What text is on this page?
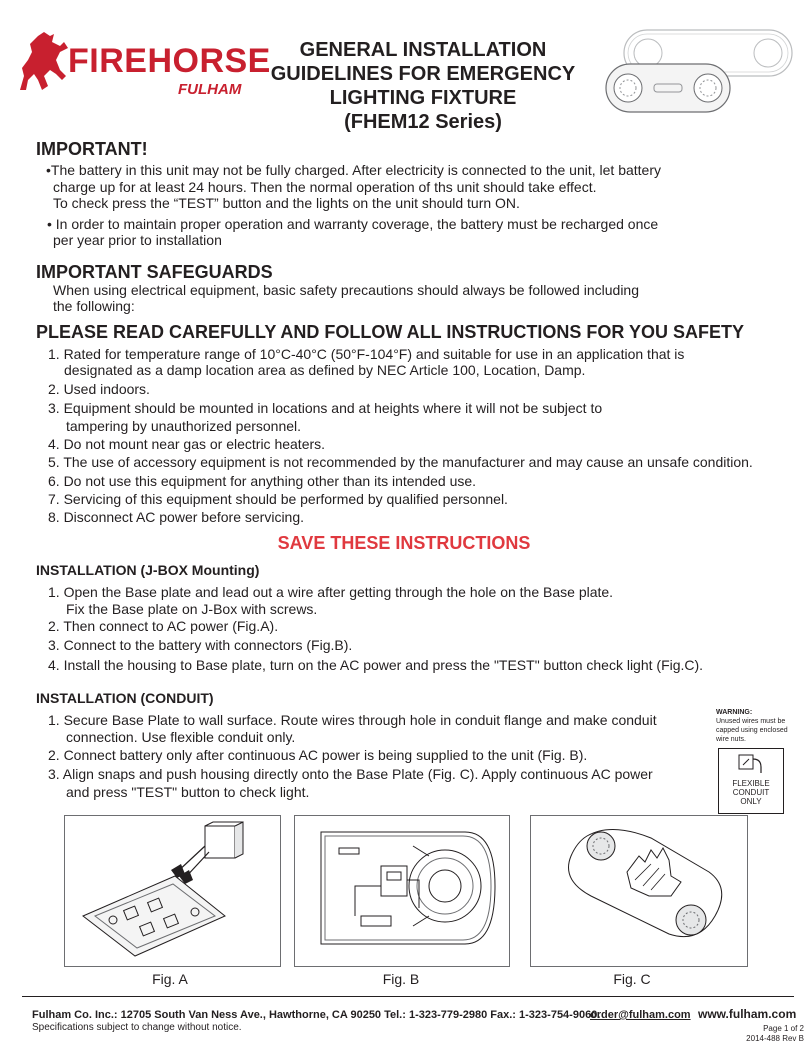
FIREHORSE
FULHAM
GENERAL INSTALLATION
GUIDELINES FOR EMERGENCY
LIGHTING FIXTURE
(FHEM12 Series)
IMPORTANT!
•The battery in this unit may not be fully charged. After electricity is connected to the unit, let battery
charge up for at least 24 hours. Then the normal operation of ths unit should take effect.
To check press the “TEST” button and the lights on the unit should turn ON.
• In order to maintain proper operation and warranty coverage, the battery must be recharged once
per year prior to installation
IMPORTANT SAFEGUARDS
When using electrical equipment, basic safety precautions should always be followed including
the following:
PLEASE READ CAREFULLY AND FOLLOW ALL INSTRUCTIONS FOR YOU SAFETY
1. Rated for temperature range of 10°C-40°C (50°F-104°F) and suitable for use in an application that is
designated as a damp location area as defined by NEC Article 100, Location, Damp.
2. Used indoors.
3. Equipment should be mounted in locations and at heights where it will not be subject to
tampering by unauthorized personnel.
4. Do not mount near gas or electric heaters.
5. The use of accessory equipment is not recommended by the manufacturer and may cause an unsafe condition.
6. Do not use this equipment for anything other than its intended use.
7. Servicing of this equipment should be performed by qualified personnel.
8. Disconnect AC power before servicing.
SAVE THESE INSTRUCTIONS
INSTALLATION (J-BOX Mounting)
1. Open the Base plate and lead out a wire after getting through the hole on the Base plate.
Fix the Base plate on J-Box with screws.
2. Then connect to AC power (Fig.A).
3. Connect to the battery with connectors (Fig.B).
4. Install the housing to Base plate, turn on the AC power and press the "TEST" button check light (Fig.C).
INSTALLATION (CONDUIT)
1. Secure Base Plate to wall surface. Route wires through hole in conduit flange and make conduit
connection. Use flexible conduit only.
2. Connect battery only after continuous AC power is being supplied to the unit (Fig. B).
3. Align snaps and push housing directly onto the Base Plate (Fig. C). Apply continuous AC power
and press "TEST" button to check light.
WARNING:
Unused wires must be
capped using enclosed
wire nuts.
FLEXIBLE
CONDUIT
ONLY
Fig. A	Fig. B	Fig. C
Fulham Co. Inc.: 12705 South Van Ness Ave., Hawthorne, CA 90250 Tel.: 1-323-779-2980 Fax.: 1-323-754-9060.
order@fulham.com www.fulham.com
Specifications subject to change without notice.	Page 1 of 2
2014-488 Rev B
